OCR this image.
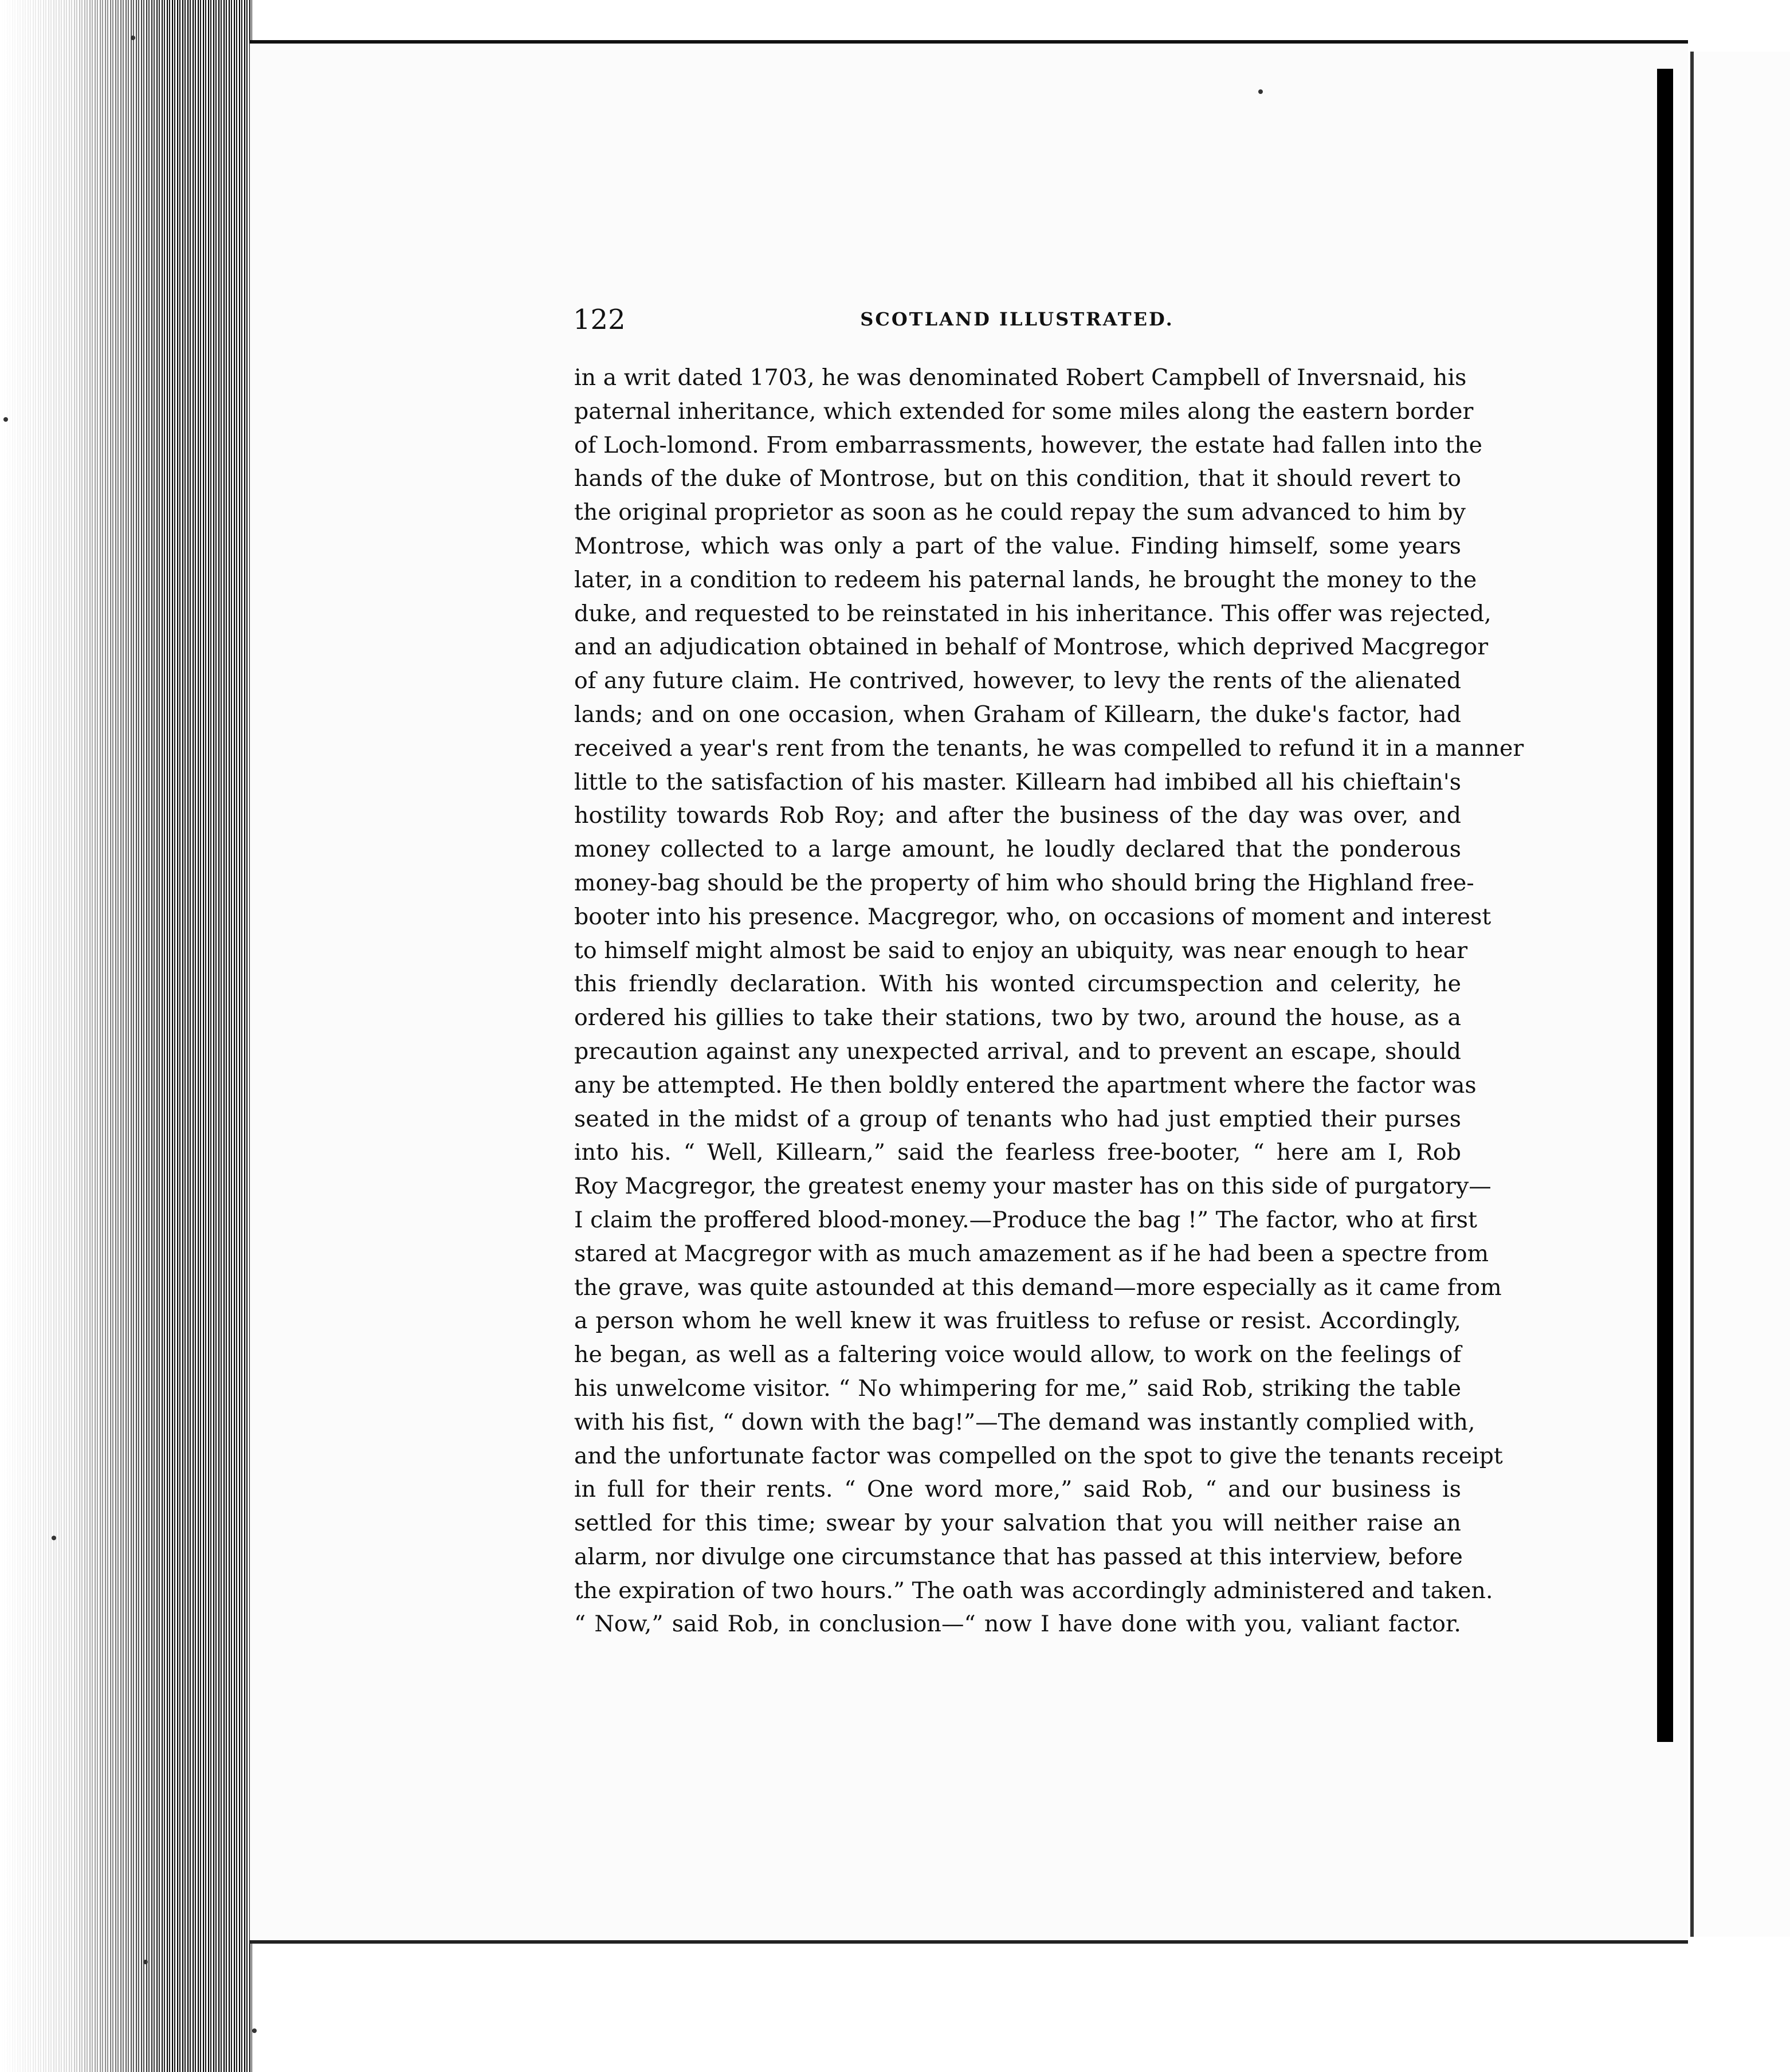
122	SCOTLAND ILLUSTRATED.
in a writ dated 1703, he was denominated Robert Campbell of Inversnaid, his
paternal inheritance, which extended for some miles along the eastern border
of Loch-lomond. From embarrassments, however, the estate had fallen into the
hands of the duke of Montrose, but on this condition, that it should revert to
the original proprietor as soon as he could repay the sum advanced to him by
Montrose, which was only a part of the value. Finding himself, some years
later, in a condition to redeem his paternal lands, he brought the money to the
duke, and requested to be reinstated in his inheritance. This offer was rejected,
and an adjudication obtained in behalf of Montrose, which deprived Macgregor
of any future claim. He contrived, however, to levy the rents of the alienated
lands; and on one occasion, when Graham of Killearn, the duke's factor, had
received a year's rent from the tenants, he was compelled to refund it in a manner
little to the satisfaction of his master. Killearn had imbibed all his chieftain's
hostility towards Rob Roy; and after the business of the day was over, and
money collected to a large amount, he loudly declared that the ponderous
money-bag should be the property of him who should bring the Highland free-
booter into his presence. Macgregor, who, on occasions of moment and interest
to himself might almost be said to enjoy an ubiquity, was near enough to hear
this friendly declaration. With his wonted circumspection and celerity, he
ordered his gillies to take their stations, two by two, around the house, as a
precaution against any unexpected arrival, and to prevent an escape, should
any be attempted. He then boldly entered the apartment where the factor was
seated in the midst of a group of tenants who had just emptied their purses
into his. “ Well, Killearn,” said the fearless free-booter, “ here am I, Rob
Roy Macgregor, the greatest enemy your master has on this side of purgatory—
I claim the proffered blood-money.—Produce the bag !” The factor, who at first
stared at Macgregor with as much amazement as if he had been a spectre from
the grave, was quite astounded at this demand—more especially as it came from
a person whom he well knew it was fruitless to refuse or resist. Accordingly,
he began, as well as a faltering voice would allow, to work on the feelings of
his unwelcome visitor. “ No whimpering for me,” said Rob, striking the table
with his fist, “ down with the bag!”—The demand was instantly complied with,
and the unfortunate factor was compelled on the spot to give the tenants receipt
in full for their rents. “ One word more,” said Rob, “ and our business is
settled for this time; swear by your salvation that you will neither raise an
alarm, nor divulge one circumstance that has passed at this interview, before
the expiration of two hours.” The oath was accordingly administered and taken.
“ Now,” said Rob, in conclusion—“ now I have done with you, valiant factor.
